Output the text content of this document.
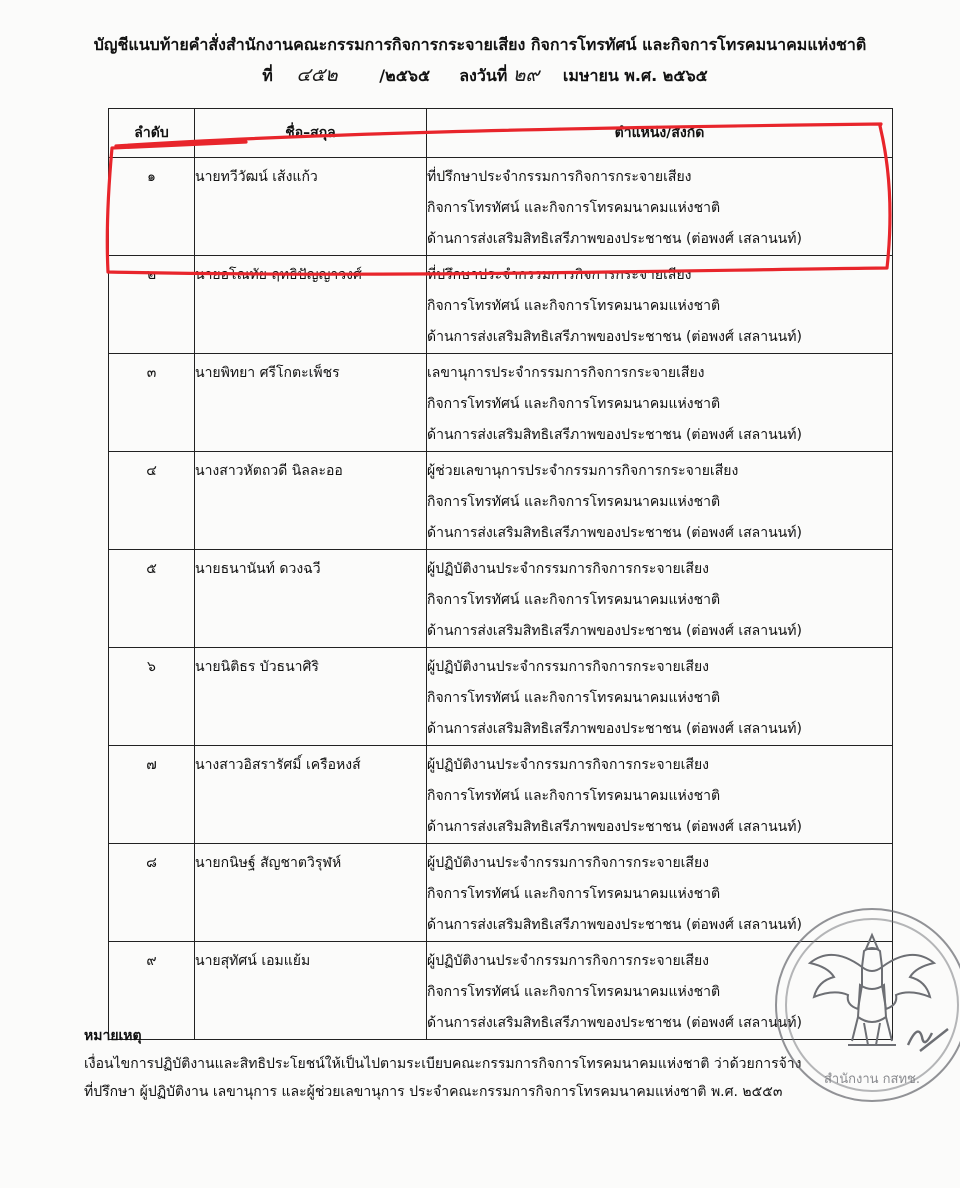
บัญชีแนบท้ายคำสั่งสำนักงานคณะกรรมการกิจการกระจายเสียง กิจการโทรทัศน์ และกิจการโทรคมนาคมแห่งชาติ
ที่ ๔๕๒	/๒๕๖๕ ลงวันที่ ๒๙ เมษายน พ.ศ. ๒๕๖๕
ลำดับ	ชื่อ–สกุล	ตำแหน่ง/สังกัด
๑	นายทวีวัฒน์ เส้งแก้ว	ที่ปรึกษาประจำกรรมการกิจการกระจายเสียง
กิจการโทรทัศน์ และกิจการโทรคมนาคมแห่งชาติ
ด้านการส่งเสริมสิทธิเสรีภาพของประชาชน (ต่อพงศ์ เสลานนท์)

๒	นายอโณทัย ฤทธิปัญญาวงศ์	ที่ปรึกษาประจำกรรมการกิจการกระจายเสียง
กิจการโทรทัศน์ และกิจการโทรคมนาคมแห่งชาติ
ด้านการส่งเสริมสิทธิเสรีภาพของประชาชน (ต่อพงศ์ เสลานนท์)

๓	นายพิทยา ศรีโกตะเพ็ชร	เลขานุการประจำกรรมการกิจการกระจายเสียง
กิจการโทรทัศน์ และกิจการโทรคมนาคมแห่งชาติ
ด้านการส่งเสริมสิทธิเสรีภาพของประชาชน (ต่อพงศ์ เสลานนท์)

๔	นางสาวหัตถวดี นิลละออ	ผู้ช่วยเลขานุการประจำกรรมการกิจการกระจายเสียง
กิจการโทรทัศน์ และกิจการโทรคมนาคมแห่งชาติ
ด้านการส่งเสริมสิทธิเสรีภาพของประชาชน (ต่อพงศ์ เสลานนท์)

๕	นายธนานันท์ ดวงฉวี	ผู้ปฏิบัติงานประจำกรรมการกิจการกระจายเสียง
กิจการโทรทัศน์ และกิจการโทรคมนาคมแห่งชาติ
ด้านการส่งเสริมสิทธิเสรีภาพของประชาชน (ต่อพงศ์ เสลานนท์)

๖	นายนิติธร บัวธนาศิริ	ผู้ปฏิบัติงานประจำกรรมการกิจการกระจายเสียง
กิจการโทรทัศน์ และกิจการโทรคมนาคมแห่งชาติ
ด้านการส่งเสริมสิทธิเสรีภาพของประชาชน (ต่อพงศ์ เสลานนท์)

๗	นางสาวอิสรารัศมิ์ เครือหงส์	ผู้ปฏิบัติงานประจำกรรมการกิจการกระจายเสียง
กิจการโทรทัศน์ และกิจการโทรคมนาคมแห่งชาติ
ด้านการส่งเสริมสิทธิเสรีภาพของประชาชน (ต่อพงศ์ เสลานนท์)

๘	นายกนิษฐ์ สัญชาตวิรุฬห์	ผู้ปฏิบัติงานประจำกรรมการกิจการกระจายเสียง
กิจการโทรทัศน์ และกิจการโทรคมนาคมแห่งชาติ
ด้านการส่งเสริมสิทธิเสรีภาพของประชาชน (ต่อพงศ์ เสลานนท์)

๙	นายสุทัศน์ เอมแย้ม	ผู้ปฏิบัติงานประจำกรรมการกิจการกระจายเสียง
กิจการโทรทัศน์ และกิจการโทรคมนาคมแห่งชาติ
ด้านการส่งเสริมสิทธิเสรีภาพของประชาชน (ต่อพงศ์ เสลานนท์)
หมายเหตุ
เงื่อนไขการปฏิบัติงานและสิทธิประโยชน์ให้เป็นไปตามระเบียบคณะกรรมการกิจการโทรคมนาคมแห่งชาติ ว่าด้วยการจ้าง
ที่ปรึกษา ผู้ปฏิบัติงาน เลขานุการ และผู้ช่วยเลขานุการ ประจำคณะกรรมการกิจการโทรคมนาคมแห่งชาติ พ.ศ. ๒๕๕๓
สำนักงาน กสทช.
